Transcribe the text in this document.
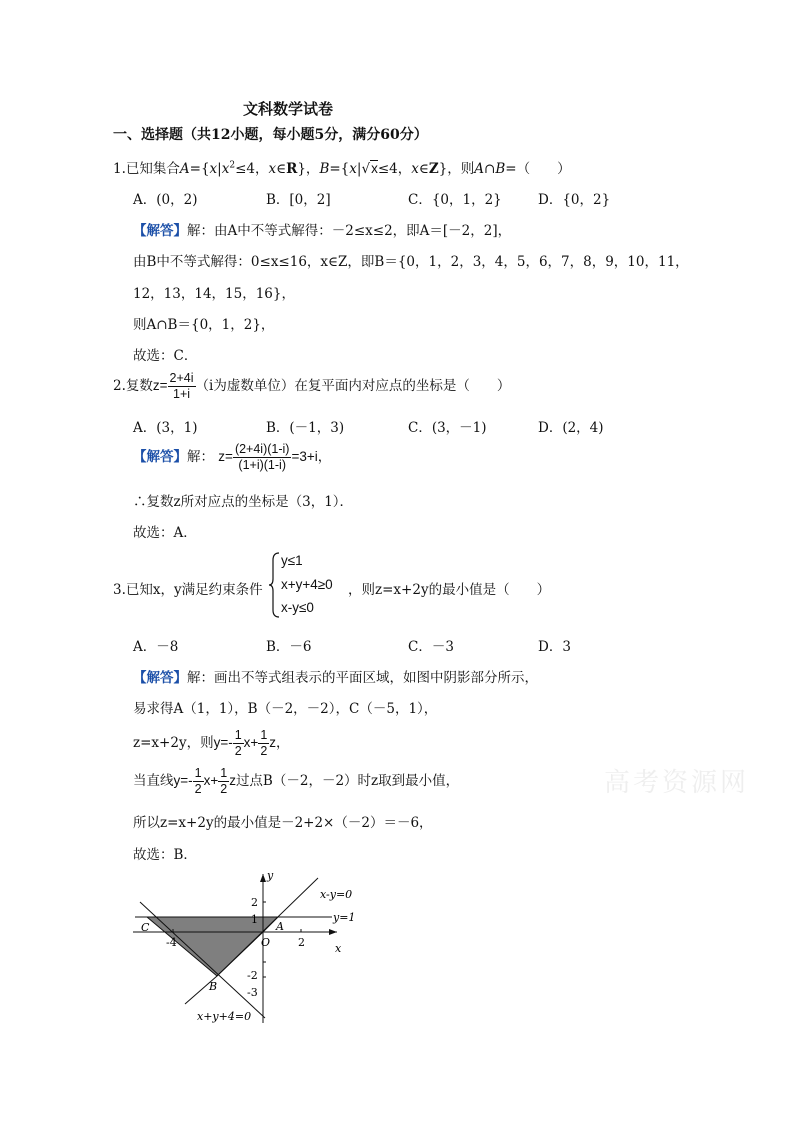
文科数学试卷
一、选择题（共12小题，每小题5分，满分60分）
1.已知集合$A=\{x|x^2\le 4$，x∈R}，B={x|√x≤4，x∈Z}，则A∩B=（　　）
A．(0，2)	B．[0，2]	C．{0，1，2}	D．{0，2}
【解答】解：由A中不等式解得：－2≤x≤2，即A＝[－2，2]，
由B中不等式解得：0≤x≤16，x∈Z，即B＝{0，1，2，3，4，5，6，7，8，9，10，11，
12，13，14，15，16}，
则A∩B＝{0，1，2}，
故选：C．
2.复数$z= \frac{2+4i}{1+i} (i$为虚数单位）在复平面内对应点的坐标是（　　）
A．(3，1)	B．(－1，3)	C．(3，－1)	D．(2，4)
【解答】解： $z= \frac{(2+4i)(1-i)}{(1+i)(1-i)} =3+i$，
∴复数z所对应点的坐标是（3，1）．
故选：A．
3.已知x，y满足约束条件
y≤1
x+y+4≥0
x-y≤0
，则z=x+2y的最小值是（　　）
A．－8	B．－6	C．－3	D．3
【解答】解：画出不等式组表示的平面区域，如图中阴影部分所示，
易求得A（1，1），B（－2，－2），C（－5，1），
z=x+2y，则$y=- \frac{1}{2} x+ \frac{1}{2}$ z，
当直线$y=- \frac{1}{2} x+ \frac{1}{2}$ z过点B（－2，－2）时z取到最小值，
所以z=x+2y的最小值是－2+2×（－2）＝－6，
故选：B．
高考资源网
y
x
x-y=0
y=1
x+y+4=0
A
B
C
O
-4	2
2
1
-2
-3
